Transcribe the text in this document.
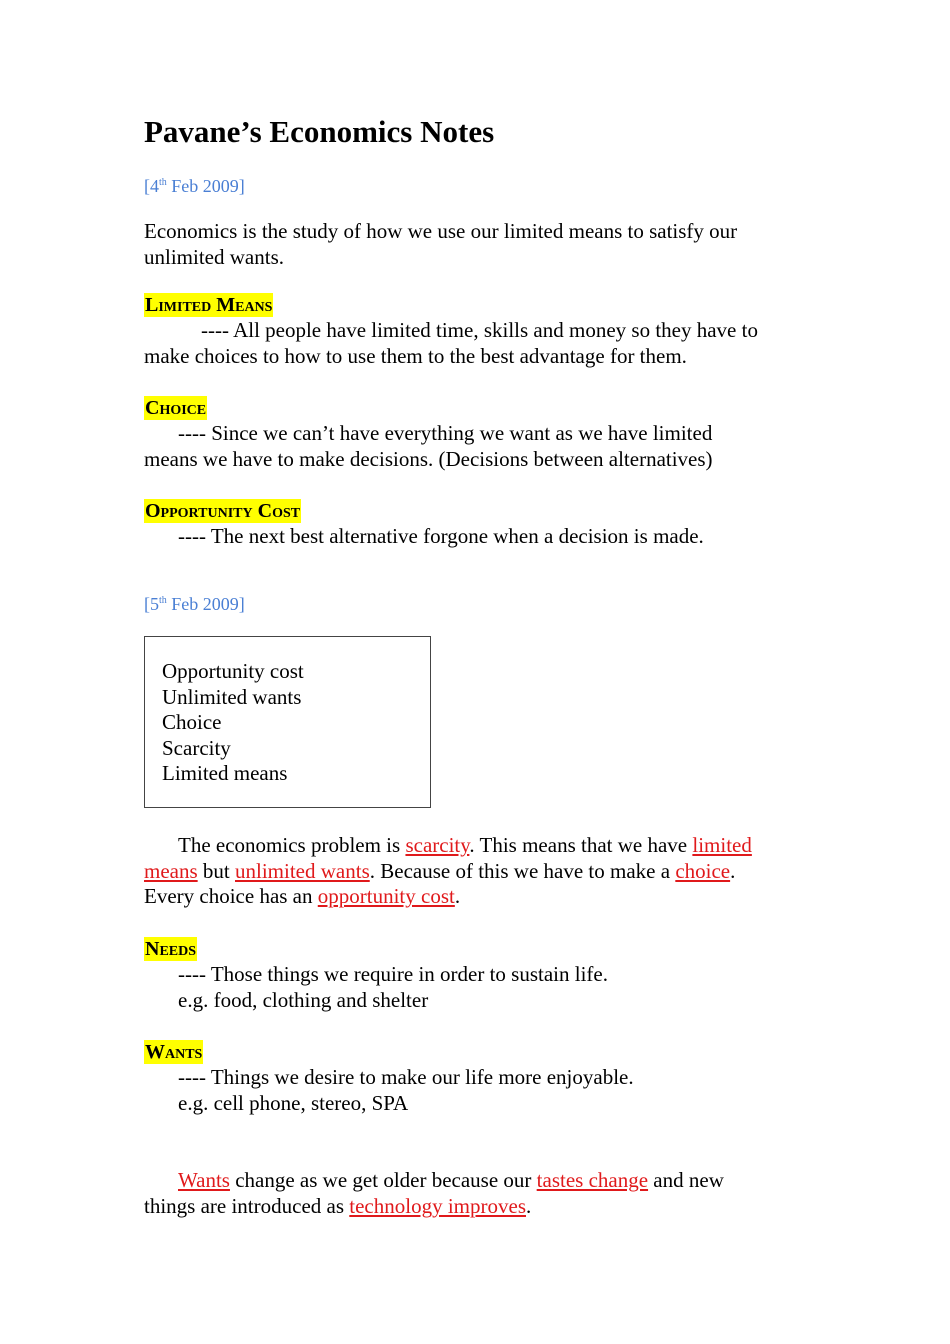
Pavane’s Economics Notes
[4th Feb 2009]
Economics is the study of how we use our limited means to satisfy our
unlimited wants.
Limited Means
---- All people have limited time, skills and money so they have to
make choices to how to use them to the best advantage for them.
Choice
---- Since we can’t have everything we want as we have limited
means we have to make decisions. (Decisions between alternatives)
Opportunity Cost
---- The next best alternative forgone when a decision is made.
[5th Feb 2009]
Opportunity cost
Unlimited wants
Choice
Scarcity
Limited means
The economics problem is scarcity. This means that we have limited
means but unlimited wants. Because of this we have to make a choice.
Every choice has an opportunity cost.
Needs
---- Those things we require in order to sustain life.
e.g. food, clothing and shelter
Wants
---- Things we desire to make our life more enjoyable.
e.g. cell phone, stereo, SPA
Wants change as we get older because our tastes change and new
things are introduced as technology improves.
